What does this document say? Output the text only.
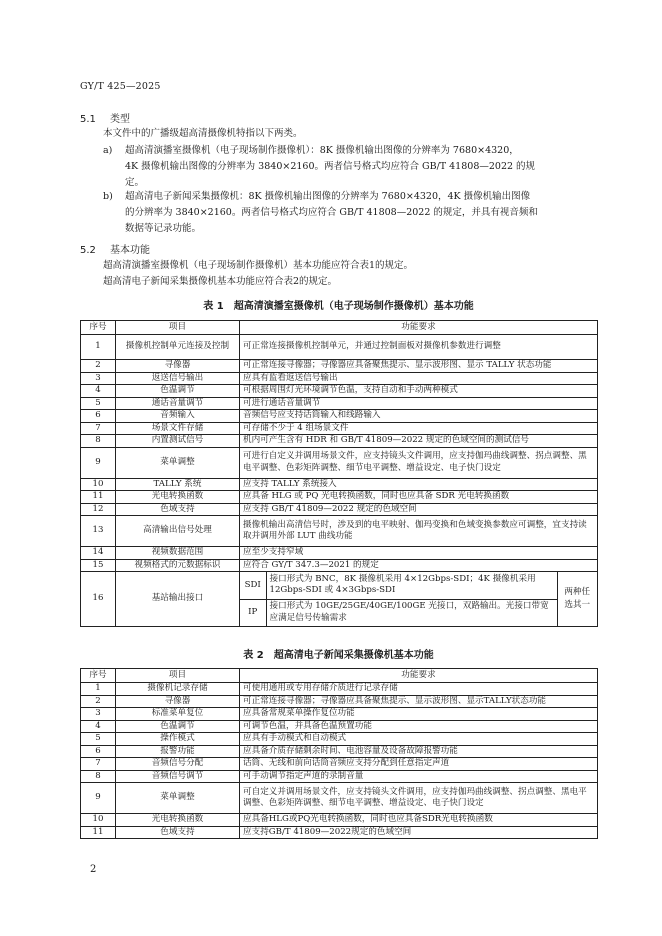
GY/T 425—2025
5.1 类型
本文件中的广播级超高清摄像机特指以下两类。
a) 超高清演播室摄像机（电子现场制作摄像机）：8K 摄像机输出图像的分辨率为 7680×4320，
4K 摄像机输出图像的分辨率为 3840×2160。两者信号格式均应符合 GB/T 41808—2022 的规
定。
b) 超高清电子新闻采集摄像机：8K 摄像机输出图像的分辨率为 7680×4320，4K 摄像机输出图像
的分辨率为 3840×2160。两者信号格式均应符合 GB/T 41808—2022 的规定，并具有视音频和
数据等记录功能。
5.2 基本功能
超高清演播室摄像机（电子现场制作摄像机）基本功能应符合表1的规定。
超高清电子新闻采集摄像机基本功能应符合表2的规定。
表 1　超高清演播室摄像机（电子现场制作摄像机）基本功能
序号	项目	功能要求
1	摄像机控制单元连接及控制	可正常连接摄像机控制单元，并通过控制面板对摄像机参数进行调整
2	寻像器	可正常连接寻像器；寻像器应具备聚焦提示、显示波形图、显示 TALLY 状态功能
3	返送信号输出	应具有监看返送信号输出
4	色温调节	可根据周围灯光环境调节色温，支持自动和手动两种模式
5	通话音量调节	可进行通话音量调节
6	音频输入	音频信号应支持话筒输入和线路输入
7	场景文件存储	可存储不少于 4 组场景文件
8	内置测试信号	机内可产生含有 HDR 和 GB/T 41809—2022 规定的色域空间的测试信号
9	菜单调整	可进行自定义并调用场景文件，应支持镜头文件调用，应支持伽玛曲线调整、拐点调整、黑电平调整、色彩矩阵调整、细节电平调整、增益设定、电子快门设定
10	TALLY 系统	应支持 TALLY 系统接入
11	光电转换函数	应具备 HLG 或 PQ 光电转换函数，同时也应具备 SDR 光电转换函数
12	色域支持	应支持 GB/T 41809—2022 规定的色域空间
13	高清输出信号处理	摄像机输出高清信号时，涉及到的电平映射、伽玛变换和色域变换参数应可调整，宜支持读取并调用外部 LUT 曲线功能
14	视频数据范围	应至少支持窄域
15	视频格式的元数据标识	应符合 GY/T 347.3—2021 的规定
16	基站输出接口	
SDI	接口形式为 BNC，8K 摄像机采用 4×12Gbps-SDI；4K 摄像机采用 12Gbps-SDI 或 4×3Gbps-SDI	两种任选其一
IP	接口形式为 10GE/25GE/40GE/100GE 光接口，双路输出。光接口带宽应满足信号传输需求
表 2　超高清电子新闻采集摄像机基本功能
序号	项目	功能要求
1	摄像机记录存储	可使用通用或专用存储介质进行记录存储
2	寻像器	可正常连接寻像器；寻像器应具备聚焦提示、显示波形图、显示TALLY状态功能
3	标准菜单复位	应具备常规菜单操作复位功能
4	色温调节	可调节色温，并具备色温预置功能
5	操作模式	应具有手动模式和自动模式
6	报警功能	应具备介质存储剩余时间、电池容量及设备故障报警功能
7	音频信号分配	话筒、无线和前向话筒音频应支持分配到任意指定声道
8	音频信号调节	可手动调节指定声道的录制音量
9	菜单调整	可自定义并调用场景文件，应支持镜头文件调用，应支持伽玛曲线调整、拐点调整、黑电平调整、色彩矩阵调整、细节电平调整、增益设定、电子快门设定
10	光电转换函数	应具备HLG或PQ光电转换函数，同时也应具备SDR光电转换函数
11	色域支持	应支持GB/T 41809—2022规定的色域空间
2
